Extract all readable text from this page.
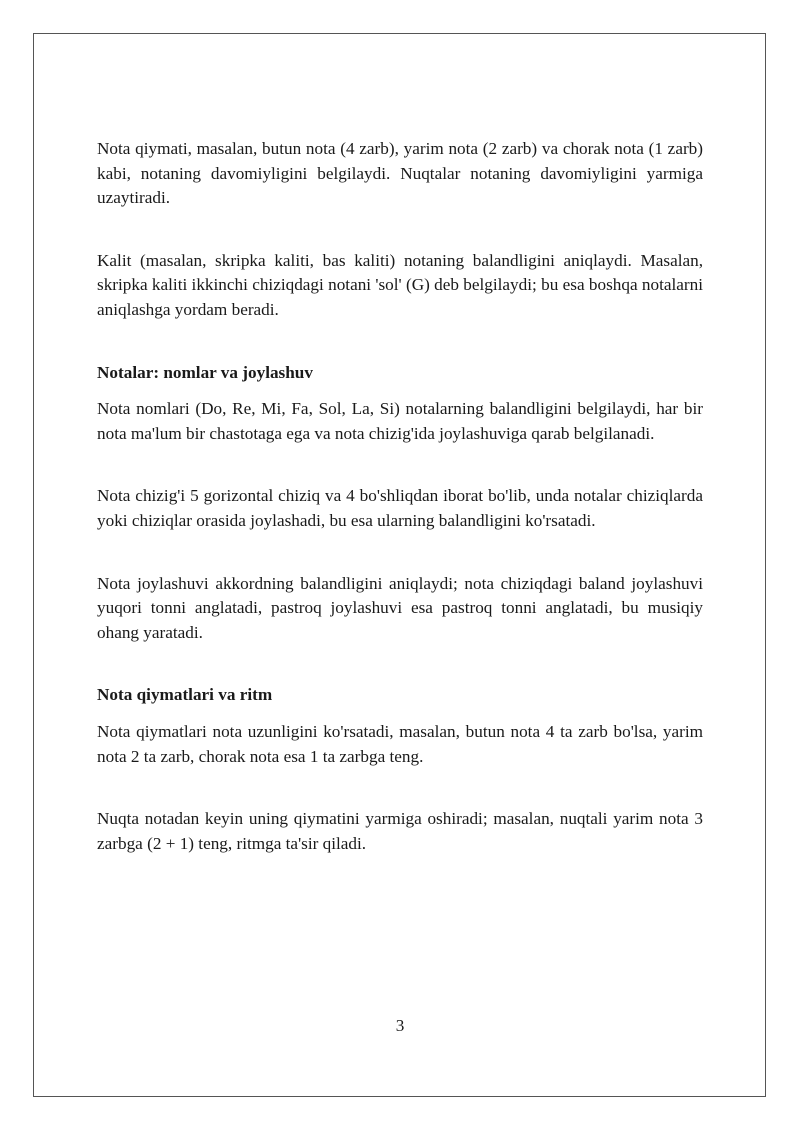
Nota qiymati, masalan, butun nota (4 zarb), yarim nota (2 zarb) va chorak nota (1 zarb) kabi, notaning davomiyligini belgilaydi. Nuqtalar notaning davomiyligini yarmiga uzaytiradi.

Kalit (masalan, skripka kaliti, bas kaliti) notaning balandligini aniqlaydi. Masalan, skripka kaliti ikkinchi chiziqdagi notani 'sol' (G) deb belgilaydi; bu esa boshqa notalarni aniqlashga yordam beradi.

Notalar: nomlar va joylashuv

Nota nomlari (Do, Re, Mi, Fa, Sol, La, Si) notalarning balandligini belgilaydi, har bir nota ma'lum bir chastotaga ega va nota chizig'ida joylashuviga qarab belgilanadi.

Nota chizig'i 5 gorizontal chiziq va 4 bo'shliqdan iborat bo'lib, unda notalar chiziqlarda yoki chiziqlar orasida joylashadi, bu esa ularning balandligini ko'rsatadi.

Nota joylashuvi akkordning balandligini aniqlaydi; nota chiziqdagi baland joylashuvi yuqori tonni anglatadi, pastroq joylashuvi esa pastroq tonni anglatadi, bu musiqiy ohang yaratadi.

Nota qiymatlari va ritm

Nota qiymatlari nota uzunligini ko'rsatadi, masalan, butun nota 4 ta zarb bo'lsa, yarim nota 2 ta zarb, chorak nota esa 1 ta zarbga teng.

Nuqta notadan keyin uning qiymatini yarmiga oshiradi; masalan, nuqtali yarim nota 3 zarbga (2 + 1) teng, ritmga ta'sir qiladi.

3
